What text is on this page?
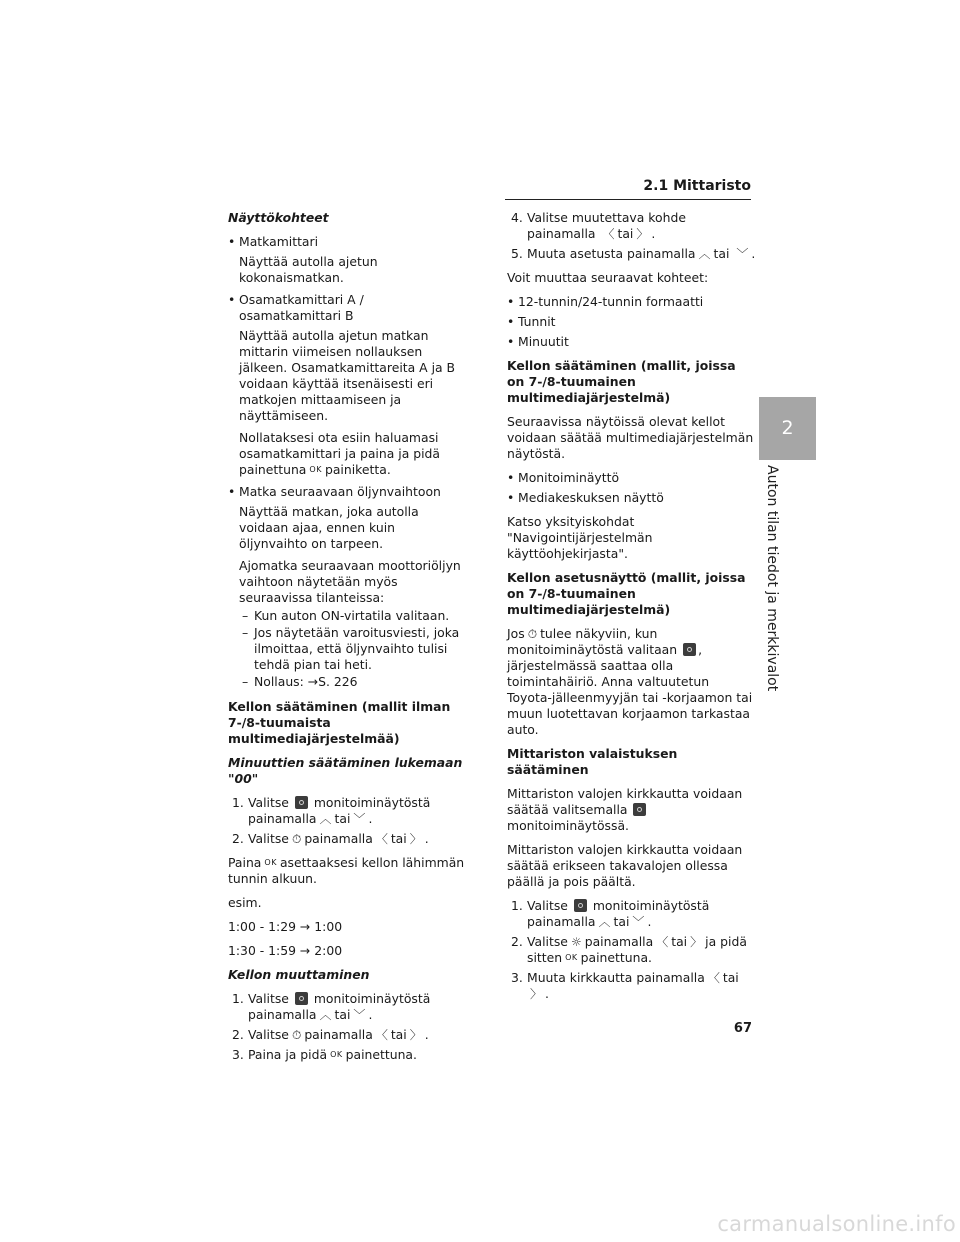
2.1 Mittaristo
2
Auton tilan tiedot ja merkkivalot

Näyttökohteet

• Matkamittari

Näyttää autolla ajetun kokonaismatkan.

• Osamatkamittari A / osamatkamittari B

Näyttää autolla ajetun matkan mittarin viimeisen nollauksen jälkeen. Osamatkamittareita A ja B voidaan käyttää itsenäisesti eri matkojen mittaamiseen ja näyttämiseen.

Nollataksesi ota esiin haluamasi osamatkamittari ja paina ja pidä painettuna OK painiketta.

• Matka seuraavaan öljynvaihtoon

Näyttää matkan, joka autolla voidaan ajaa, ennen kuin öljynvaihto on tarpeen.

Ajomatka seuraavaan moottoriöljyn vaihtoon näytetään myös seuraavissa tilanteissa:

– Kun auton ON-virtatila valitaan.
– Jos näytetään varoitusviesti, joka ilmoittaa, että öljynvaihto tulisi tehdä pian tai heti.
– Nollaus: →S. 226

Kellon säätäminen (mallit ilman 7-/8-tuumaista multimediajärjestelmää)

Minuuttien säätäminen lukemaan "00"

1. Valitse monitoiminäytöstä painamalla ︿ tai ﹀ .
2. Valitse ⏱ painamalla 〈 tai 〉 .

Paina OK asettaaksesi kellon lähimmän tunnin alkuun.

esim.

1:00 - 1:29 → 1:00

1:30 - 1:59 → 2:00

Kellon muuttaminen

1. Valitse monitoiminäytöstä painamalla ︿ tai ﹀ .
2. Valitse ⏱ painamalla 〈 tai 〉 .
3. Paina ja pidä OK painettuna.
4. Valitse muutettava kohde painamalla 〈 tai 〉 .
5. Muuta asetusta painamalla ︿ tai ﹀ .

Voit muuttaa seuraavat kohteet:

• 12-tunnin/24-tunnin formaatti
• Tunnit
• Minuutit

Kellon säätäminen (mallit, joissa on 7-/8-tuumainen multimediajärjestelmä)

Seuraavissa näytöissä olevat kellot voidaan säätää multimediajärjestelmän näytöstä.

• Monitoiminäyttö
• Mediakeskuksen näyttö

Katso yksityiskohdat "Navigointijärjestelmän käyttöohjekirjasta".

Kellon asetusnäyttö (mallit, joissa on 7-/8-tuumainen multimediajärjestelmä)

Jos ⏱ tulee näkyviin, kun monitoiminäytöstä valitaan , järjestelmässä saattaa olla toimintahäiriö. Anna valtuutetun Toyota-jälleenmyyjän tai -korjaamon tai muun luotettavan korjaamon tarkastaa auto.

Mittariston valaistuksen säätäminen

Mittariston valojen kirkkautta voidaan säätää valitsemalla  monitoiminäytössä.

Mittariston valojen kirkkautta voidaan säätää erikseen takavalojen ollessa päällä ja pois päältä.

1. Valitse monitoiminäytöstä painamalla ︿ tai ﹀ .
2. Valitse ☼ painamalla 〈 tai 〉 ja pidä sitten OK painettuna.
3. Muuta kirkkautta painamalla 〈 tai 〉 .
67
carmanualsonline.info
